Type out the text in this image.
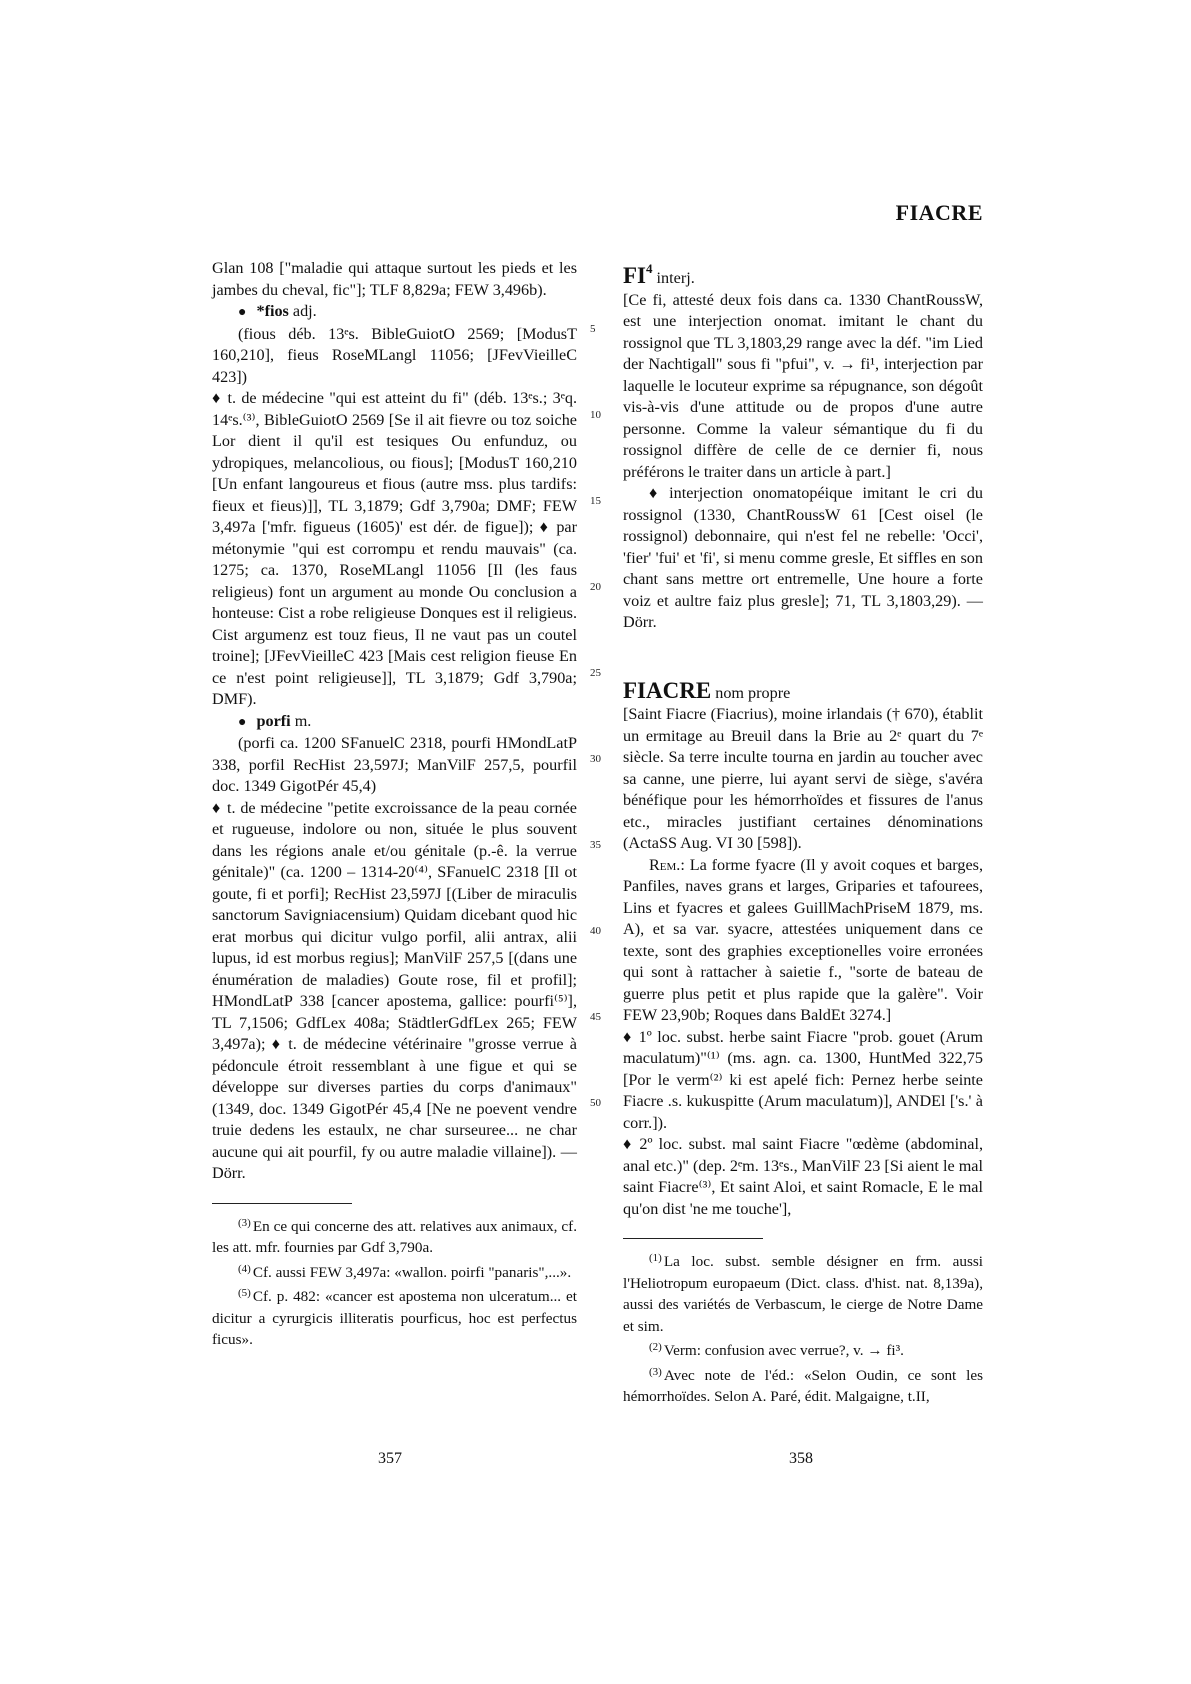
FIACRE
5
10
15
20
25
30
35
40
45
50

Glan 108 ["maladie qui attaque surtout les pieds et les jambes du cheval, fic"]; TLF 8,829a; FEW 3,496b).

● *fios adj.

(fious déb. 13ᵉs. BibleGuiotO 2569; [ModusT 160,210], fieus RoseMLangl 11056; [JFevVieilleC 423])

♦ t. de médecine "qui est atteint du fi" (déb. 13ᵉs.; 3ᵉq. 14ᵉs.⁽³⁾, BibleGuiotO 2569 [Se il ait fievre ou toz soiche Lor dient il qu'il est tesiques Ou enfunduz, ou ydropiques, melancolious, ou fious]; [ModusT 160,210 [Un enfant langoureus et fious (autre mss. plus tardifs: fieux et fieus)]], TL 3,1879; Gdf 3,790a; DMF; FEW 3,497a ['mfr. figueus (1605)' est dér. de figue]); ♦ par métonymie "qui est corrompu et rendu mauvais" (ca. 1275; ca. 1370, RoseMLangl 11056 [Il (les faus religieus) font un argument au monde Ou conclusion a honteuse: Cist a robe religieuse Donques est il religieus. Cist argumenz est touz fieus, Il ne vaut pas un coutel troine]; [JFevVieilleC 423 [Mais cest religion fieuse En ce n'est point religieuse]], TL 3,1879; Gdf 3,790a; DMF).

● porfi m.

(porfi ca. 1200 SFanuelC 2318, pourfi HMondLatP 338, porfil RecHist 23,597J; ManVilF 257,5, pourfil doc. 1349 GigotPér 45,4)

♦ t. de médecine "petite excroissance de la peau cornée et rugueuse, indolore ou non, située le plus souvent dans les régions anale et/ou génitale (p.-ê. la verrue génitale)" (ca. 1200 – 1314-20⁽⁴⁾, SFanuelC 2318 [Il ot goute, fi et porfi]; RecHist 23,597J [(Liber de miraculis sanctorum Savigniacensium) Quidam dicebant quod hic erat morbus qui dicitur vulgo porfil, alii antrax, alii lupus, id est morbus regius]; ManVilF 257,5 [(dans une énumération de maladies) Goute rose, fil et profil]; HMondLatP 338 [cancer apostema, gallice: pourfi⁽⁵⁾], TL 7,1506; GdfLex 408a; StädtlerGdfLex 265; FEW 3,497a); ♦ t. de médecine vétérinaire "grosse verrue à pédoncule étroit ressemblant à une figue et qui se développe sur diverses parties du corps d'animaux" (1349, doc. 1349 GigotPér 45,4 [Ne ne poevent vendre truie dedens les estaulx, ne char surseuree... ne char aucune qui ait pourfil, fy ou autre maladie villaine]). — Dörr.

$^{(3)}$ En ce qui concerne des att. relatives aux animaux, cf. les att. mfr. fournies par Gdf 3,790a.

$^{(4)}$ Cf. aussi FEW 3,497a: «wallon. poirfi "panaris",...».

$^{(5)}$ Cf. p. 482: «cancer est apostema non ulceratum... et dicitur a cyrurgicis illiteratis pourficus, hoc est perfectus ficus».

$FI^4$ interj.

[Ce fi, attesté deux fois dans ca. 1330 ChantRoussW, est une interjection onomat. imitant le chant du rossignol que TL 3,1803,29 range avec la déf. "im Lied der Nachtigall" sous fi "pfui", v. → fi¹, interjection par laquelle le locuteur exprime sa répugnance, son dégoût vis-à-vis d'une attitude ou de propos d'une autre personne. Comme la valeur sémantique du fi du rossignol diffère de celle de ce dernier fi, nous préférons le traiter dans un article à part.]

♦ interjection onomatopéique imitant le cri du rossignol (1330, ChantRoussW 61 [Cest oisel (le rossignol) debonnaire, qui n'est fel ne rebelle: 'Occi', 'fier' 'fui' et 'fi', si menu comme gresle, Et siffles en son chant sans mettre ort entremelle, Une houre a forte voiz et aultre faiz plus gresle]; 71, TL 3,1803,29). — Dörr.

FIACRE nom propre

[Saint Fiacre (Fiacrius), moine irlandais († 670), établit un ermitage au Breuil dans la Brie au 2ᵉ quart du 7ᵉ siècle. Sa terre inculte tourna en jardin au toucher avec sa canne, une pierre, lui ayant servi de siège, s'avéra bénéfique pour les hémorrhoïdes et fissures de l'anus etc., miracles justifiant certaines dénominations (ActaSS Aug. VI 30 [598]).

Rem.: La forme fyacre (Il y avoit coques et barges, Panfiles, naves grans et larges, Griparies et tafourees, Lins et fyacres et galees GuillMachPriseM 1879, ms. A), et sa var. syacre, attestées uniquement dans ce texte, sont des graphies exceptionelles voire erronées qui sont à rattacher à saietie f., "sorte de bateau de guerre plus petit et plus rapide que la galère". Voir FEW 23,90b; Roques dans BaldEt 3274.]

♦ 1º loc. subst. herbe saint Fiacre "prob. gouet (Arum maculatum)"⁽¹⁾ (ms. agn. ca. 1300, HuntMed 322,75 [Por le verm⁽²⁾ ki est apelé fich: Pernez herbe seinte Fiacre .s. kukuspitte (Arum maculatum)], ANDEl ['s.' à corr.]).

♦ 2º loc. subst. mal saint Fiacre "œdème (abdominal, anal etc.)" (dep. 2ᵉm. 13ᵉs., ManVilF 23 [Si aient le mal saint Fiacre⁽³⁾, Et saint Aloi, et saint Romacle, E le mal qu'on dist 'ne me touche'],

$^{(1)}$ La loc. subst. semble désigner en frm. aussi l'Heliotropum europaeum (Dict. class. d'hist. nat. 8,139a), aussi des variétés de Verbascum, le cierge de Notre Dame et sim.

$^{(2)}$ Verm: confusion avec verrue?, v. → fi³.

$^{(3)}$ Avec note de l'éd.: «Selon Oudin, ce sont les hémorrhoïdes. Selon A. Paré, édit. Malgaigne, t.II,

357	358
